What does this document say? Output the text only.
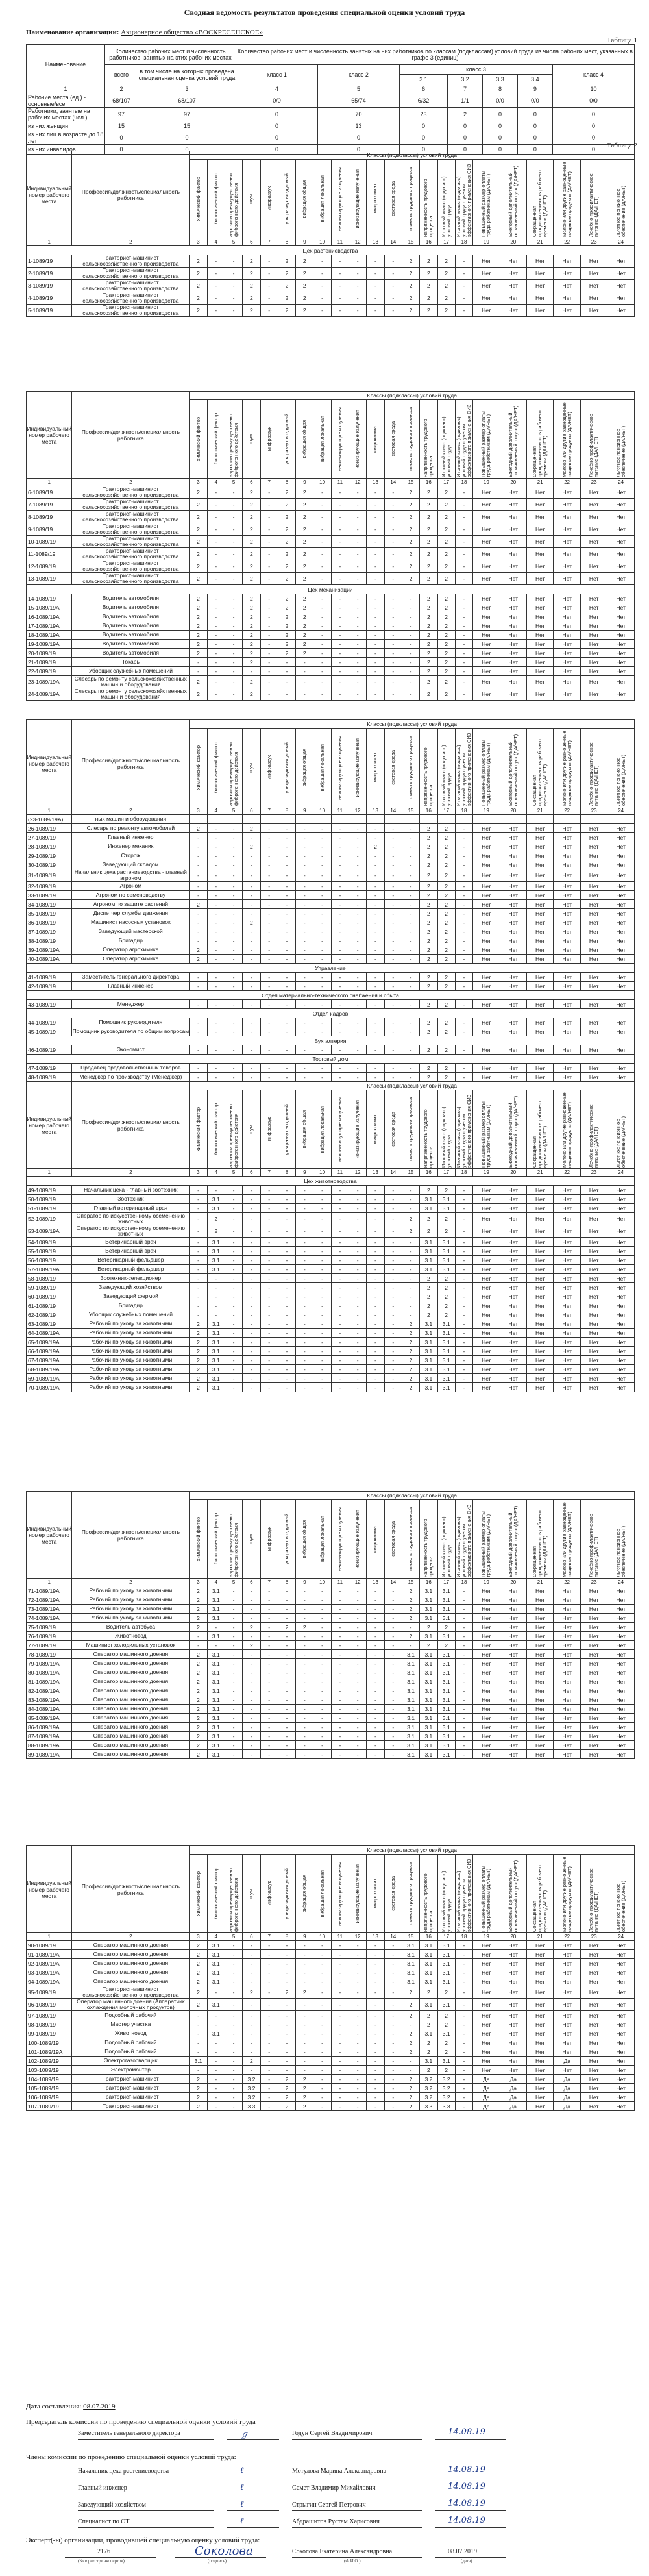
Сводная ведомость результатов проведения специальной оценки условий труда
Наименование организации: Акционерное общество «ВОСКРЕСЕНСКОЕ»
Таблица 1
Наименование	Количество рабочих мест и численность работников, занятых на этих рабочих местах		Количество рабочих мест и численность занятых на них работников по классам (подклассам) условий труда из числа рабочих мест, указанных в графе 3 (единиц)						
	всего	в том числе на которых проведена специальная оценка условий труда	класс 1	класс 2	класс 3				класс 4
					3.1	3.2	3.3	3.4	
1	2	3	4	5	6	7	8	9	10
Рабочие места (ед.) - основные/все	68/107	68/107	0/0	65/74	6/32	1/1	0/0	0/0	0/0
Работники, занятые на рабочих местах (чел.)	97	97	0	70	23	2	0	0	0
из них женщин	15	15	0	13	0	0	0	0	0
из них лиц в возрасте до 18 лет	0	0	0	0	0	0	0	0	0
из них инвалидов	0	0	0	0	0	0	0	0	0 Таблица 2
Индивидуальный номер рабочего места	Профессия/должность/специальность работника	Классы (подклассы) условий труда																					

		химический фактор	биологический фактор	аэрозоли преимущественно фиброгенного действия	шум	инфразвук	ультразвук воздушный	вибрация общая	вибрация локальная	неионизирующие излучения	ионизирующие излучения	микроклимат	световая среда	тяжесть трудового процесса	напряженность трудового процесса	Итоговый класс (подкласс) условий труда	Итоговый класс (подкласс) условий труда с учетом эффективного применения СИЗ	Повышенный размер оплаты труда работникам (ДА/НЕТ)	Ежегодный дополнительный оплачиваемый отпуск (ДА/НЕТ)	Сокращенная продолжительность рабочего времени (ДА/НЕТ)	Молоко или другие равноценные пищевые продукты (ДА/НЕТ)	Лечебно-профилактическое питание (ДА/НЕТ)	Льготное пенсионное обеспечение (ДА/НЕТ)

1	2	3	4	5	6	7	8	9	10	11	12	13	14	15	16	17	18	19	20	21	22	23	24
Цех растениеводства																							
1-1089/19	Тракторист-машинист сельскохозяйственного производства	2	-	-	2	-	2	2	-	-	-	-	-	2	2	2	-	Нет	Нет	Нет	Нет	Нет	Нет
2-1089/19	Тракторист-машинист сельскохозяйственного производства	2	-	-	2	-	2	2	-	-	-	-	-	2	2	2	-	Нет	Нет	Нет	Нет	Нет	Нет
3-1089/19	Тракторист-машинист сельскохозяйственного производства	2	-	-	2	-	2	2	-	-	-	-	-	2	2	2	-	Нет	Нет	Нет	Нет	Нет	Нет
4-1089/19	Тракторист-машинист сельскохозяйственного производства	2	-	-	2	-	2	2	-	-	-	-	-	2	2	2	-	Нет	Нет	Нет	Нет	Нет	Нет
5-1089/19	Тракторист-машинист сельскохозяйственного производства	2	-	-	2	-	2	2	-	-	-	-	-	2	2	2	-	Нет	Нет	Нет	Нет	Нет	Нет
Индивидуальный номер рабочего места	Профессия/должность/специальность работника	Классы (подклассы) условий труда																					

		химический фактор	биологический фактор	аэрозоли преимущественно фиброгенного действия	шум	инфразвук	ультразвук воздушный	вибрация общая	вибрация локальная	неионизирующие излучения	ионизирующие излучения	микроклимат	световая среда	тяжесть трудового процесса	напряженность трудового процесса	Итоговый класс (подкласс) условий труда	Итоговый класс (подкласс) условий труда с учетом эффективного применения СИЗ	Повышенный размер оплаты труда работникам (ДА/НЕТ)	Ежегодный дополнительный оплачиваемый отпуск (ДА/НЕТ)	Сокращенная продолжительность рабочего времени (ДА/НЕТ)	Молоко или другие равноценные пищевые продукты (ДА/НЕТ)	Лечебно-профилактическое питание (ДА/НЕТ)	Льготное пенсионное обеспечение (ДА/НЕТ)

1	2	3	4	5	6	7	8	9	10	11	12	13	14	15	16	17	18	19	20	21	22	23	24
6-1089/19	Тракторист-машинист сельскохозяйственного производства	2	-	-	2	-	2	2	-	-	-	-	-	2	2	2	-	Нет	Нет	Нет	Нет	Нет	Нет
7-1089/19	Тракторист-машинист сельскохозяйственного производства	2	-	-	2	-	2	2	-	-	-	-	-	2	2	2	-	Нет	Нет	Нет	Нет	Нет	Нет
8-1089/19	Тракторист-машинист сельскохозяйственного производства	2	-	-	2	-	2	2	-	-	-	-	-	2	2	2	-	Нет	Нет	Нет	Нет	Нет	Нет
9-1089/19	Тракторист-машинист сельскохозяйственного производства	2	-	-	2	-	2	2	-	-	-	-	-	2	2	2	-	Нет	Нет	Нет	Нет	Нет	Нет
10-1089/19	Тракторист-машинист сельскохозяйственного производства	2	-	-	2	-	2	2	-	-	-	-	-	2	2	2	-	Нет	Нет	Нет	Нет	Нет	Нет
11-1089/19	Тракторист-машинист сельскохозяйственного производства	2	-	-	2	-	2	2	-	-	-	-	-	2	2	2	-	Нет	Нет	Нет	Нет	Нет	Нет
12-1089/19	Тракторист-машинист сельскохозяйственного производства	2	-	-	2	-	2	2	-	-	-	-	-	2	2	2	-	Нет	Нет	Нет	Нет	Нет	Нет
13-1089/19	Тракторист-машинист сельскохозяйственного производства	2	-	-	2	-	2	2	-	-	-	-	-	2	2	2	-	Нет	Нет	Нет	Нет	Нет	Нет
Цех механизации																							
14-1089/19	Водитель автомобиля	2	-	-	2	-	2	2	-	-	-	-	-	-	2	2	-	Нет	Нет	Нет	Нет	Нет	Нет
15-1089/19А	Водитель автомобиля	2	-	-	2	-	2	2	-	-	-	-	-	-	2	2	-	Нет	Нет	Нет	Нет	Нет	Нет
16-1089/19А	Водитель автомобиля	2	-	-	2	-	2	2	-	-	-	-	-	-	2	2	-	Нет	Нет	Нет	Нет	Нет	Нет
17-1089/19А	Водитель автомобиля	2	-	-	2	-	2	2	-	-	-	-	-	-	2	2	-	Нет	Нет	Нет	Нет	Нет	Нет
18-1089/19А	Водитель автомобиля	2	-	-	2	-	2	2	-	-	-	-	-	-	2	2	-	Нет	Нет	Нет	Нет	Нет	Нет
19-1089/19А	Водитель автомобиля	2	-	-	2	-	2	2	-	-	-	-	-	-	2	2	-	Нет	Нет	Нет	Нет	Нет	Нет
20-1089/19	Водитель автомобиля	2	-	-	2	-	2	2	-	-	-	-	-	-	2	2	-	Нет	Нет	Нет	Нет	Нет	Нет
21-1089/19	Токарь	-	-	-	2	-	-	-	-	-	-	-	-	-	2	2	-	Нет	Нет	Нет	Нет	Нет	Нет
22-1089/19	Уборщик служебных помещений	-	-	-	-	-	-	-	-	-	-	-	-	-	2	2	-	Нет	Нет	Нет	Нет	Нет	Нет
23-1089/19А	Слесарь по ремонту сельскохозяйственных машин и оборудования	2	-	-	2	-	-	-	-	-	-	-	-	-	2	2	-	Нет	Нет	Нет	Нет	Нет	Нет
24-1089/19А	Слесарь по ремонту сельскохозяйственных машин и оборудования	2	-	-	2	-	-	-	-	-	-	-	-	-	2	2	-	Нет	Нет	Нет	Нет	Нет	Нет
Индивидуальный номер рабочего места	Профессия/должность/специальность работника	Классы (подклассы) условий труда																					

		химический фактор	биологический фактор	аэрозоли преимущественно фиброгенного действия	шум	инфразвук	ультразвук воздушный	вибрация общая	вибрация локальная	неионизирующие излучения	ионизирующие излучения	микроклимат	световая среда	тяжесть трудового процесса	напряженность трудового процесса	Итоговый класс (подкласс) условий труда	Итоговый класс (подкласс) условий труда с учетом эффективного применения СИЗ	Повышенный размер оплаты труда работникам (ДА/НЕТ)	Ежегодный дополнительный оплачиваемый отпуск (ДА/НЕТ)	Сокращенная продолжительность рабочего времени (ДА/НЕТ)	Молоко или другие равноценные пищевые продукты (ДА/НЕТ)	Лечебно-профилактическое питание (ДА/НЕТ)	Льготное пенсионное обеспечение (ДА/НЕТ)

1	2	3	4	5	6	7	8	9	10	11	12	13	14	15	16	17	18	19	20	21	22	23	24
(23-1089/19А)	ных машин и оборудования																						
26-1089/19	Слесарь по ремонту автомобилей	2	-	-	2	-	-	-	-	-	-	-	-	-	2	2	-	Нет	Нет	Нет	Нет	Нет	Нет
27-1089/19	Главный инженер	-	-	-	-	-	-	-	-	-	-	-	-	-	2	2	-	Нет	Нет	Нет	Нет	Нет	Нет
28-1089/19	Инженер механик	-	-	-	2	-	-	-	-	-	-	2	-	-	2	2	-	Нет	Нет	Нет	Нет	Нет	Нет
29-1089/19	Сторож	-	-	-	-	-	-	-	-	-	-	-	-	-	2	2	-	Нет	Нет	Нет	Нет	Нет	Нет
30-1089/19	Заведующий складом	-	-	-	-	-	-	-	-	-	-	-	-	-	2	2	-	Нет	Нет	Нет	Нет	Нет	Нет
31-1089/19	Начальник цеха растениеводства - главный агроном	-	-	-	-	-	-	-	-	-	-	-	-	-	2	2	-	Нет	Нет	Нет	Нет	Нет	Нет
32-1089/19	Агроном	-	-	-	-	-	-	-	-	-	-	-	-	-	2	2	-	Нет	Нет	Нет	Нет	Нет	Нет
33-1089/19	Агроном по семеноводству	-	-	-	-	-	-	-	-	-	-	-	-	-	2	2	-	Нет	Нет	Нет	Нет	Нет	Нет
34-1089/19	Агроном по защите растений	2	-	-	-	-	-	-	-	-	-	-	-	-	2	2	-	Нет	Нет	Нет	Нет	Нет	Нет
35-1089/19	Диспетчер службы движения	-	-	-	-	-	-	-	-	-	-	-	-	-	2	2	-	Нет	Нет	Нет	Нет	Нет	Нет
36-1089/19	Машинист насосных установок	-	-	-	2	-	-	-	-	-	-	-	-	-	2	2	-	Нет	Нет	Нет	Нет	Нет	Нет
37-1089/19	Заведующий мастерской	-	-	-	-	-	-	-	-	-	-	-	-	-	2	2	-	Нет	Нет	Нет	Нет	Нет	Нет
38-1089/19	Бригадир	-	-	-	-	-	-	-	-	-	-	-	-	-	2	2	-	Нет	Нет	Нет	Нет	Нет	Нет
39-1089/19А	Оператор агрохимика	2	-	-	-	-	-	-	-	-	-	-	-	-	2	2	-	Нет	Нет	Нет	Нет	Нет	Нет
40-1089/19А	Оператор агрохимика	2	-	-	-	-	-	-	-	-	-	-	-	-	2	2	-	Нет	Нет	Нет	Нет	Нет	Нет
Управление																							
41-1089/19	Заместитель генерального директора	-	-	-	-	-	-	-	-	-	-	-	-	-	2	2	-	Нет	Нет	Нет	Нет	Нет	Нет
42-1089/19	Главный инженер	-	-	-	-	-	-	-	-	-	-	-	-	-	2	2	-	Нет	Нет	Нет	Нет	Нет	Нет
Отдел материально-технического снабжения и сбыта																							
43-1089/19	Менеджер	-	-	-	-	-	-	-	-	-	-	-	-	-	2	2	-	Нет	Нет	Нет	Нет	Нет	Нет
Отдел кадров																							
44-1089/19	Помощник руководителя	-	-	-	-	-	-	-	-	-	-	-	-	-	2	2	-	Нет	Нет	Нет	Нет	Нет	Нет
45-1089/19	Помощник руководителя по общим вопросам	-	-	-	-	-	-	-	-	-	-	-	-	-	2	2	-	Нет	Нет	Нет	Нет	Нет	Нет
Бухгалтерия																							
46-1089/19	Экономист	-	-	-	-	-	-	-	-	-	-	-	-	-	2	2	-	Нет	Нет	Нет	Нет	Нет	Нет
Торговый дом																							
47-1089/19	Продавец продовольственных товаров	-	-	-	-	-	-	-	-	-	-	-	-	-	2	2	-	Нет	Нет	Нет	Нет	Нет	Нет
48-1089/19	Менеджер по производству (Менеджер)	-	-	-	-	-	-	-	-	-	-	-	-	-	2	2	-	Нет	Нет	Нет	Нет	Нет	Нет
Индивидуальный номер рабочего места	Профессия/должность/специальность работника	Классы (подклассы) условий труда																					

		химический фактор	биологический фактор	аэрозоли преимущественно фиброгенного действия	шум	инфразвук	ультразвук воздушный	вибрация общая	вибрация локальная	неионизирующие излучения	ионизирующие излучения	микроклимат	световая среда	тяжесть трудового процесса	напряженность трудового процесса	Итоговый класс (подкласс) условий труда	Итоговый класс (подкласс) условий труда с учетом эффективного применения СИЗ	Повышенный размер оплаты труда работникам (ДА/НЕТ)	Ежегодный дополнительный оплачиваемый отпуск (ДА/НЕТ)	Сокращенная продолжительность рабочего времени (ДА/НЕТ)	Молоко или другие равноценные пищевые продукты (ДА/НЕТ)	Лечебно-профилактическое питание (ДА/НЕТ)	Льготное пенсионное обеспечение (ДА/НЕТ)

1	2	3	4	5	6	7	8	9	10	11	12	13	14	15	16	17	18	19	20	21	22	23	24
Цех животноводства																							
49-1089/19	Начальник цеха - главный зоотехник	-	-	-	-	-	-	-	-	-	-	-	-	-	2	2	-	Нет	Нет	Нет	Нет	Нет	Нет
50-1089/19	Зоотехник	-	3.1	-	-	-	-	-	-	-	-	-	-	-	3.1	3.1	-	Нет	Нет	Нет	Нет	Нет	Нет
51-1089/19	Главный ветеринарный врач	-	3.1	-	-	-	-	-	-	-	-	-	-	-	3.1	3.1	-	Нет	Нет	Нет	Нет	Нет	Нет
52-1089/19	Оператор по искусственному осеменению животных	-	2	-	-	-	-	-	-	-	-	-	-	2	2	2	-	Нет	Нет	Нет	Нет	Нет	Нет
53-1089/19А	Оператор по искусственному осеменению животных	-	2	-	-	-	-	-	-	-	-	-	-	2	2	2	-	Нет	Нет	Нет	Нет	Нет	Нет
54-1089/19	Ветеринарный врач	-	3.1	-	-	-	-	-	-	-	-	-	-	-	3.1	3.1	-	Нет	Нет	Нет	Нет	Нет	Нет
55-1089/19	Ветеринарный врач	-	3.1	-	-	-	-	-	-	-	-	-	-	-	3.1	3.1	-	Нет	Нет	Нет	Нет	Нет	Нет
56-1089/19	Ветеринарный фельдшер	-	3.1	-	-	-	-	-	-	-	-	-	-	-	3.1	3.1	-	Нет	Нет	Нет	Нет	Нет	Нет
57-1089/19А	Ветеринарный фельдшер	-	3.1	-	-	-	-	-	-	-	-	-	-	-	3.1	3.1	-	Нет	Нет	Нет	Нет	Нет	Нет
58-1089/19	Зоотехник-селекционер	-	-	-	-	-	-	-	-	-	-	-	-	-	2	2	-	Нет	Нет	Нет	Нет	Нет	Нет
59-1089/19	Заведующий хозяйством	-	-	-	-	-	-	-	-	-	-	-	-	-	2	2	-	Нет	Нет	Нет	Нет	Нет	Нет
60-1089/19	Заведующий фермой	-	-	-	-	-	-	-	-	-	-	-	-	-	2	2	-	Нет	Нет	Нет	Нет	Нет	Нет
61-1089/19	Бригадир	-	-	-	-	-	-	-	-	-	-	-	-	-	2	2	-	Нет	Нет	Нет	Нет	Нет	Нет
62-1089/19	Уборщик служебных помещений	-	-	-	-	-	-	-	-	-	-	-	-	-	2	2	-	Нет	Нет	Нет	Нет	Нет	Нет
63-1089/19	Рабочий по уходу за животными	2	3.1	-	-	-	-	-	-	-	-	-	-	2	3.1	3.1	-	Нет	Нет	Нет	Нет	Нет	Нет
64-1089/19А	Рабочий по уходу за животными	2	3.1	-	-	-	-	-	-	-	-	-	-	2	3.1	3.1	-	Нет	Нет	Нет	Нет	Нет	Нет
65-1089/19А	Рабочий по уходу за животными	2	3.1	-	-	-	-	-	-	-	-	-	-	2	3.1	3.1	-	Нет	Нет	Нет	Нет	Нет	Нет
66-1089/19А	Рабочий по уходу за животными	2	3.1	-	-	-	-	-	-	-	-	-	-	2	3.1	3.1	-	Нет	Нет	Нет	Нет	Нет	Нет
67-1089/19А	Рабочий по уходу за животными	2	3.1	-	-	-	-	-	-	-	-	-	-	2	3.1	3.1	-	Нет	Нет	Нет	Нет	Нет	Нет
68-1089/19А	Рабочий по уходу за животными	2	3.1	-	-	-	-	-	-	-	-	-	-	2	3.1	3.1	-	Нет	Нет	Нет	Нет	Нет	Нет
69-1089/19А	Рабочий по уходу за животными	2	3.1	-	-	-	-	-	-	-	-	-	-	2	3.1	3.1	-	Нет	Нет	Нет	Нет	Нет	Нет
70-1089/19А	Рабочий по уходу за животными	2	3.1	-	-	-	-	-	-	-	-	-	-	2	3.1	3.1	-	Нет	Нет	Нет	Нет	Нет	Нет
Индивидуальный номер рабочего места	Профессия/должность/специальность работника	Классы (подклассы) условий труда																					

		химический фактор	биологический фактор	аэрозоли преимущественно фиброгенного действия	шум	инфразвук	ультразвук воздушный	вибрация общая	вибрация локальная	неионизирующие излучения	ионизирующие излучения	микроклимат	световая среда	тяжесть трудового процесса	напряженность трудового процесса	Итоговый класс (подкласс) условий труда	Итоговый класс (подкласс) условий труда с учетом эффективного применения СИЗ	Повышенный размер оплаты труда работникам (ДА/НЕТ)	Ежегодный дополнительный оплачиваемый отпуск (ДА/НЕТ)	Сокращенная продолжительность рабочего времени (ДА/НЕТ)	Молоко или другие равноценные пищевые продукты (ДА/НЕТ)	Лечебно-профилактическое питание (ДА/НЕТ)	Льготное пенсионное обеспечение (ДА/НЕТ)

1	2	3	4	5	6	7	8	9	10	11	12	13	14	15	16	17	18	19	20	21	22	23	24
71-1089/19А	Рабочий по уходу за животными	2	3.1	-	-	-	-	-	-	-	-	-	-	2	3.1	3.1	-	Нет	Нет	Нет	Нет	Нет	Нет
72-1089/19А	Рабочий по уходу за животными	2	3.1	-	-	-	-	-	-	-	-	-	-	2	3.1	3.1	-	Нет	Нет	Нет	Нет	Нет	Нет
73-1089/19А	Рабочий по уходу за животными	2	3.1	-	-	-	-	-	-	-	-	-	-	2	3.1	3.1	-	Нет	Нет	Нет	Нет	Нет	Нет
74-1089/19А	Рабочий по уходу за животными	2	3.1	-	-	-	-	-	-	-	-	-	-	2	3.1	3.1	-	Нет	Нет	Нет	Нет	Нет	Нет
75-1089/19	Водитель автобуса	2	-	-	2	-	2	2	-	-	-	-	-	-	2	2	-	Нет	Нет	Нет	Нет	Нет	Нет
76-1089/19	Животновод	-	3.1	-	-	-	-	-	-	-	-	-	-	2	3.1	3.1	-	Нет	Нет	Нет	Нет	Нет	Нет
77-1089/19	Машинист холодильных установок	-	-	-	2	-	-	-	-	-	-	-	-	-	2	2	-	Нет	Нет	Нет	Нет	Нет	Нет
78-1089/19	Оператор машинного доения	2	3.1	-	-	-	-	-	-	-	-	-	-	3.1	3.1	3.1	-	Нет	Нет	Нет	Нет	Нет	Нет
79-1089/19А	Оператор машинного доения	2	3.1	-	-	-	-	-	-	-	-	-	-	3.1	3.1	3.1	-	Нет	Нет	Нет	Нет	Нет	Нет
80-1089/19А	Оператор машинного доения	2	3.1	-	-	-	-	-	-	-	-	-	-	3.1	3.1	3.1	-	Нет	Нет	Нет	Нет	Нет	Нет
81-1089/19А	Оператор машинного доения	2	3.1	-	-	-	-	-	-	-	-	-	-	3.1	3.1	3.1	-	Нет	Нет	Нет	Нет	Нет	Нет
82-1089/19А	Оператор машинного доения	2	3.1	-	-	-	-	-	-	-	-	-	-	3.1	3.1	3.1	-	Нет	Нет	Нет	Нет	Нет	Нет
83-1089/19А	Оператор машинного доения	2	3.1	-	-	-	-	-	-	-	-	-	-	3.1	3.1	3.1	-	Нет	Нет	Нет	Нет	Нет	Нет
84-1089/19А	Оператор машинного доения	2	3.1	-	-	-	-	-	-	-	-	-	-	3.1	3.1	3.1	-	Нет	Нет	Нет	Нет	Нет	Нет
85-1089/19А	Оператор машинного доения	2	3.1	-	-	-	-	-	-	-	-	-	-	3.1	3.1	3.1	-	Нет	Нет	Нет	Нет	Нет	Нет
86-1089/19А	Оператор машинного доения	2	3.1	-	-	-	-	-	-	-	-	-	-	3.1	3.1	3.1	-	Нет	Нет	Нет	Нет	Нет	Нет
87-1089/19А	Оператор машинного доения	2	3.1	-	-	-	-	-	-	-	-	-	-	3.1	3.1	3.1	-	Нет	Нет	Нет	Нет	Нет	Нет
88-1089/19А	Оператор машинного доения	2	3.1	-	-	-	-	-	-	-	-	-	-	3.1	3.1	3.1	-	Нет	Нет	Нет	Нет	Нет	Нет
89-1089/19А	Оператор машинного доения	2	3.1	-	-	-	-	-	-	-	-	-	-	3.1	3.1	3.1	-	Нет	Нет	Нет	Нет	Нет	Нет
Индивидуальный номер рабочего места	Профессия/должность/специальность работника	Классы (подклассы) условий труда																					

		химический фактор	биологический фактор	аэрозоли преимущественно фиброгенного действия	шум	инфразвук	ультразвук воздушный	вибрация общая	вибрация локальная	неионизирующие излучения	ионизирующие излучения	микроклимат	световая среда	тяжесть трудового процесса	напряженность трудового процесса	Итоговый класс (подкласс) условий труда	Итоговый класс (подкласс) условий труда с учетом эффективного применения СИЗ	Повышенный размер оплаты труда работникам (ДА/НЕТ)	Ежегодный дополнительный оплачиваемый отпуск (ДА/НЕТ)	Сокращенная продолжительность рабочего времени (ДА/НЕТ)	Молоко или другие равноценные пищевые продукты (ДА/НЕТ)	Лечебно-профилактическое питание (ДА/НЕТ)	Льготное пенсионное обеспечение (ДА/НЕТ)

1	2	3	4	5	6	7	8	9	10	11	12	13	14	15	16	17	18	19	20	21	22	23	24
90-1089/19	Оператор машинного доения	2	3.1	-	-	-	-	-	-	-	-	-	-	3.1	3.1	3.1	-	Нет	Нет	Нет	Нет	Нет	Нет
91-1089/19А	Оператор машинного доения	2	3.1	-	-	-	-	-	-	-	-	-	-	3.1	3.1	3.1	-	Нет	Нет	Нет	Нет	Нет	Нет
92-1089/19А	Оператор машинного доения	2	3.1	-	-	-	-	-	-	-	-	-	-	3.1	3.1	3.1	-	Нет	Нет	Нет	Нет	Нет	Нет
93-1089/19А	Оператор машинного доения	2	3.1	-	-	-	-	-	-	-	-	-	-	3.1	3.1	3.1	-	Нет	Нет	Нет	Нет	Нет	Нет
94-1089/19А	Оператор машинного доения	2	3.1	-	-	-	-	-	-	-	-	-	-	3.1	3.1	3.1	-	Нет	Нет	Нет	Нет	Нет	Нет
95-1089/19	Тракторист-машинист сельскохозяйственного производства	2	-	-	2	-	2	2	-	-	-	-	-	2	2	2	-	Нет	Нет	Нет	Нет	Нет	Нет
96-1089/19	Оператор машинного доения (Аппаратчик охлаждения молочных продуктов)	2	3.1	-	-	-	-	-	-	-	-	-	-	2	3.1	3.1	-	Нет	Нет	Нет	Нет	Нет	Нет
97-1089/19	Подсобный рабочий	-	-	-	-	-	-	-	-	-	-	-	-	2	2	2	-	Нет	Нет	Нет	Нет	Нет	Нет
98-1089/19	Мастер участка	-	-	-	-	-	-	-	-	-	-	-	-	-	2	2	-	Нет	Нет	Нет	Нет	Нет	Нет
99-1089/19	Животновод	-	3.1	-	-	-	-	-	-	-	-	-	-	2	3.1	3.1	-	Нет	Нет	Нет	Нет	Нет	Нет
100-1089/19	Подсобный рабочий	-	-	-	-	-	-	-	-	-	-	-	-	2	2	2	-	Нет	Нет	Нет	Нет	Нет	Нет
101-1089/19А	Подсобный рабочий	-	-	-	-	-	-	-	-	-	-	-	-	2	2	2	-	Нет	Нет	Нет	Нет	Нет	Нет
102-1089/19	Электрогазосварщик	3.1	-	-	2	-	-	-	-	-	-	-	-	-	3.1	3.1	-	Нет	Нет	Нет	Да	Нет	Нет
103-1089/19	Электромонтер	-	-	-	-	-	-	-	-	-	-	-	-	-	2	2	-	Нет	Нет	Нет	Нет	Нет	Нет
104-1089/19	Тракторист-машинист	2	-	-	3.2	-	2	2	-	-	-	-	-	2	3.2	3.2	-	Да	Да	Нет	Да	Нет	Нет
105-1089/19	Тракторист-машинист	2	-	-	3.2	-	2	2	-	-	-	-	-	2	3.2	3.2	-	Да	Да	Нет	Да	Нет	Нет
106-1089/19	Тракторист-машинист	2	-	-	3.2	-	2	2	-	-	-	-	-	2	3.2	3.2	-	Да	Да	Нет	Да	Нет	Нет
107-1089/19	Тракторист-машинист	2	-	-	3.3	-	2	2	-	-	-	-	-	2	3.3	3.3	-	Да	Да	Нет	Да	Нет	Нет
Дата составления: 08.07.2019
Председатель комиссии по проведению специальной оценки условий труда
Заместитель генерального директора	ℊ	Годун Сергей Владимирович	14.08.19
Члены комиссии по проведению специальной оценки условий труда:
Начальник цеха растениеводства	ℓ	Мотулова Марина Александровна	14.08.19
Главный инженер	ℓ	Семет Владимир Михайлович	14.08.19
Заведующий хозяйством	ℓ	Стрыгин Сергей Петрович	14.08.19
Специалист по ОТ	ℓ	Абдрашитов Рустам Харисович	14.08.19
Эксперт(-ы) организации, проводившей специальную оценку условий труда:
2176
(№ в реестре экспертов)
Соколова
(подпись)
Соколова Екатерина Александровна
(Ф.И.О.)
08.07.2019
(дата)
